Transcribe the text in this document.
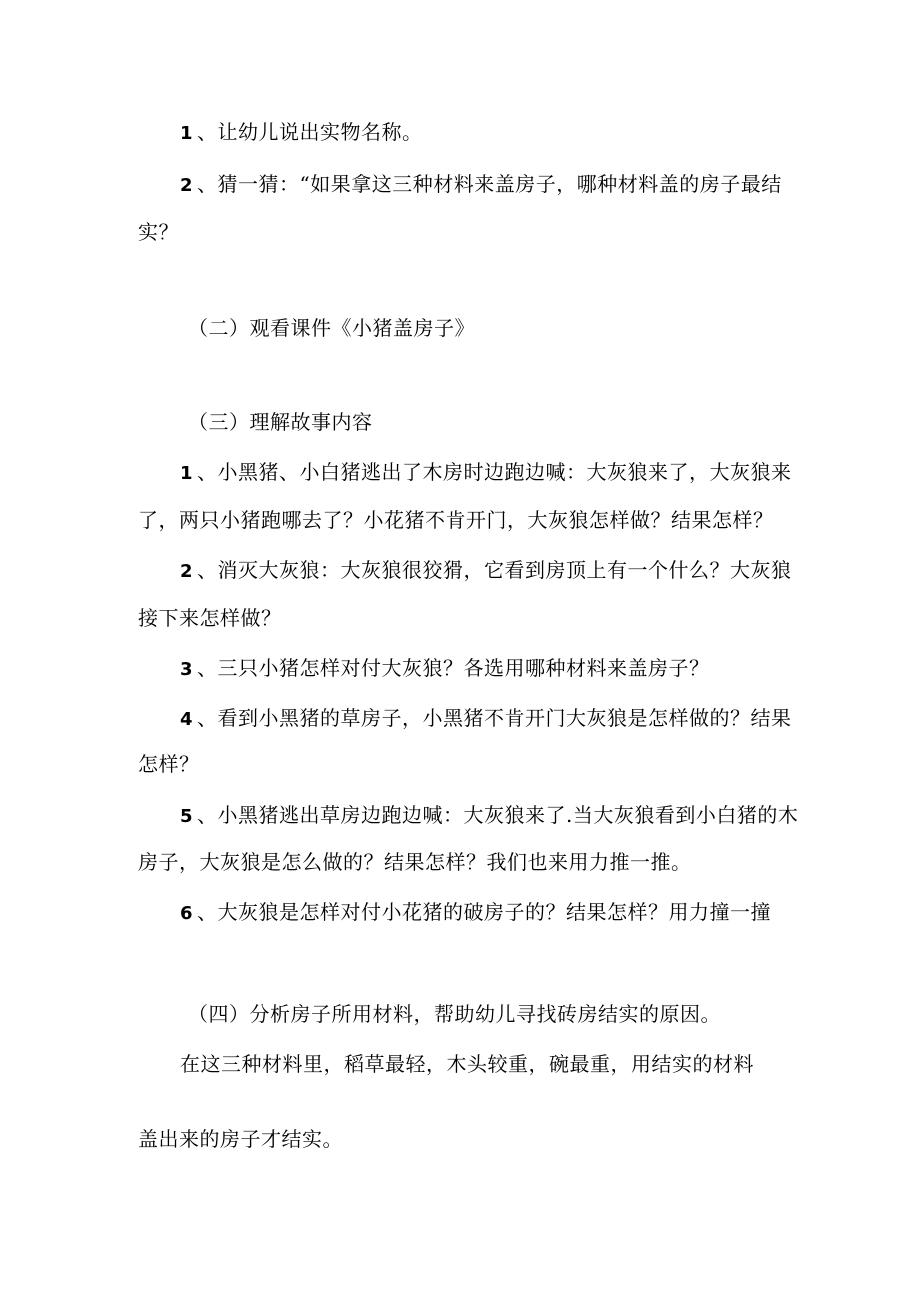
1 、让幼儿说出实物名称。
2 、猜一猜：“如果拿这三种材料来盖房子，哪种材料盖的房子最结
实？
（二）观看课件《小猪盖房子》
（三）理解故事内容
1 、小黑猪、小白猪逃出了木房时边跑边喊：大灰狼来了，大灰狼来
了，两只小猪跑哪去了？小花猪不肯开门，大灰狼怎样做？结果怎样？
2 、消灭大灰狼：大灰狼很狡猾，它看到房顶上有一个什么？大灰狼
接下来怎样做？
3 、三只小猪怎样对付大灰狼？各选用哪种材料来盖房子？
4 、看到小黑猪的草房子，小黑猪不肯开门大灰狼是怎样做的？结果
怎样？
5 、小黑猪逃出草房边跑边喊：大灰狼来了.当大灰狼看到小白猪的木
房子，大灰狼是怎么做的？结果怎样？我们也来用力推一推。
6 、大灰狼是怎样对付小花猪的破房子的？结果怎样？用力撞一撞
（四）分析房子所用材料，帮助幼儿寻找砖房结实的原因。
在这三种材料里，稻草最轻，木头较重，碗最重，用结实的材料
盖出来的房子才结实。
